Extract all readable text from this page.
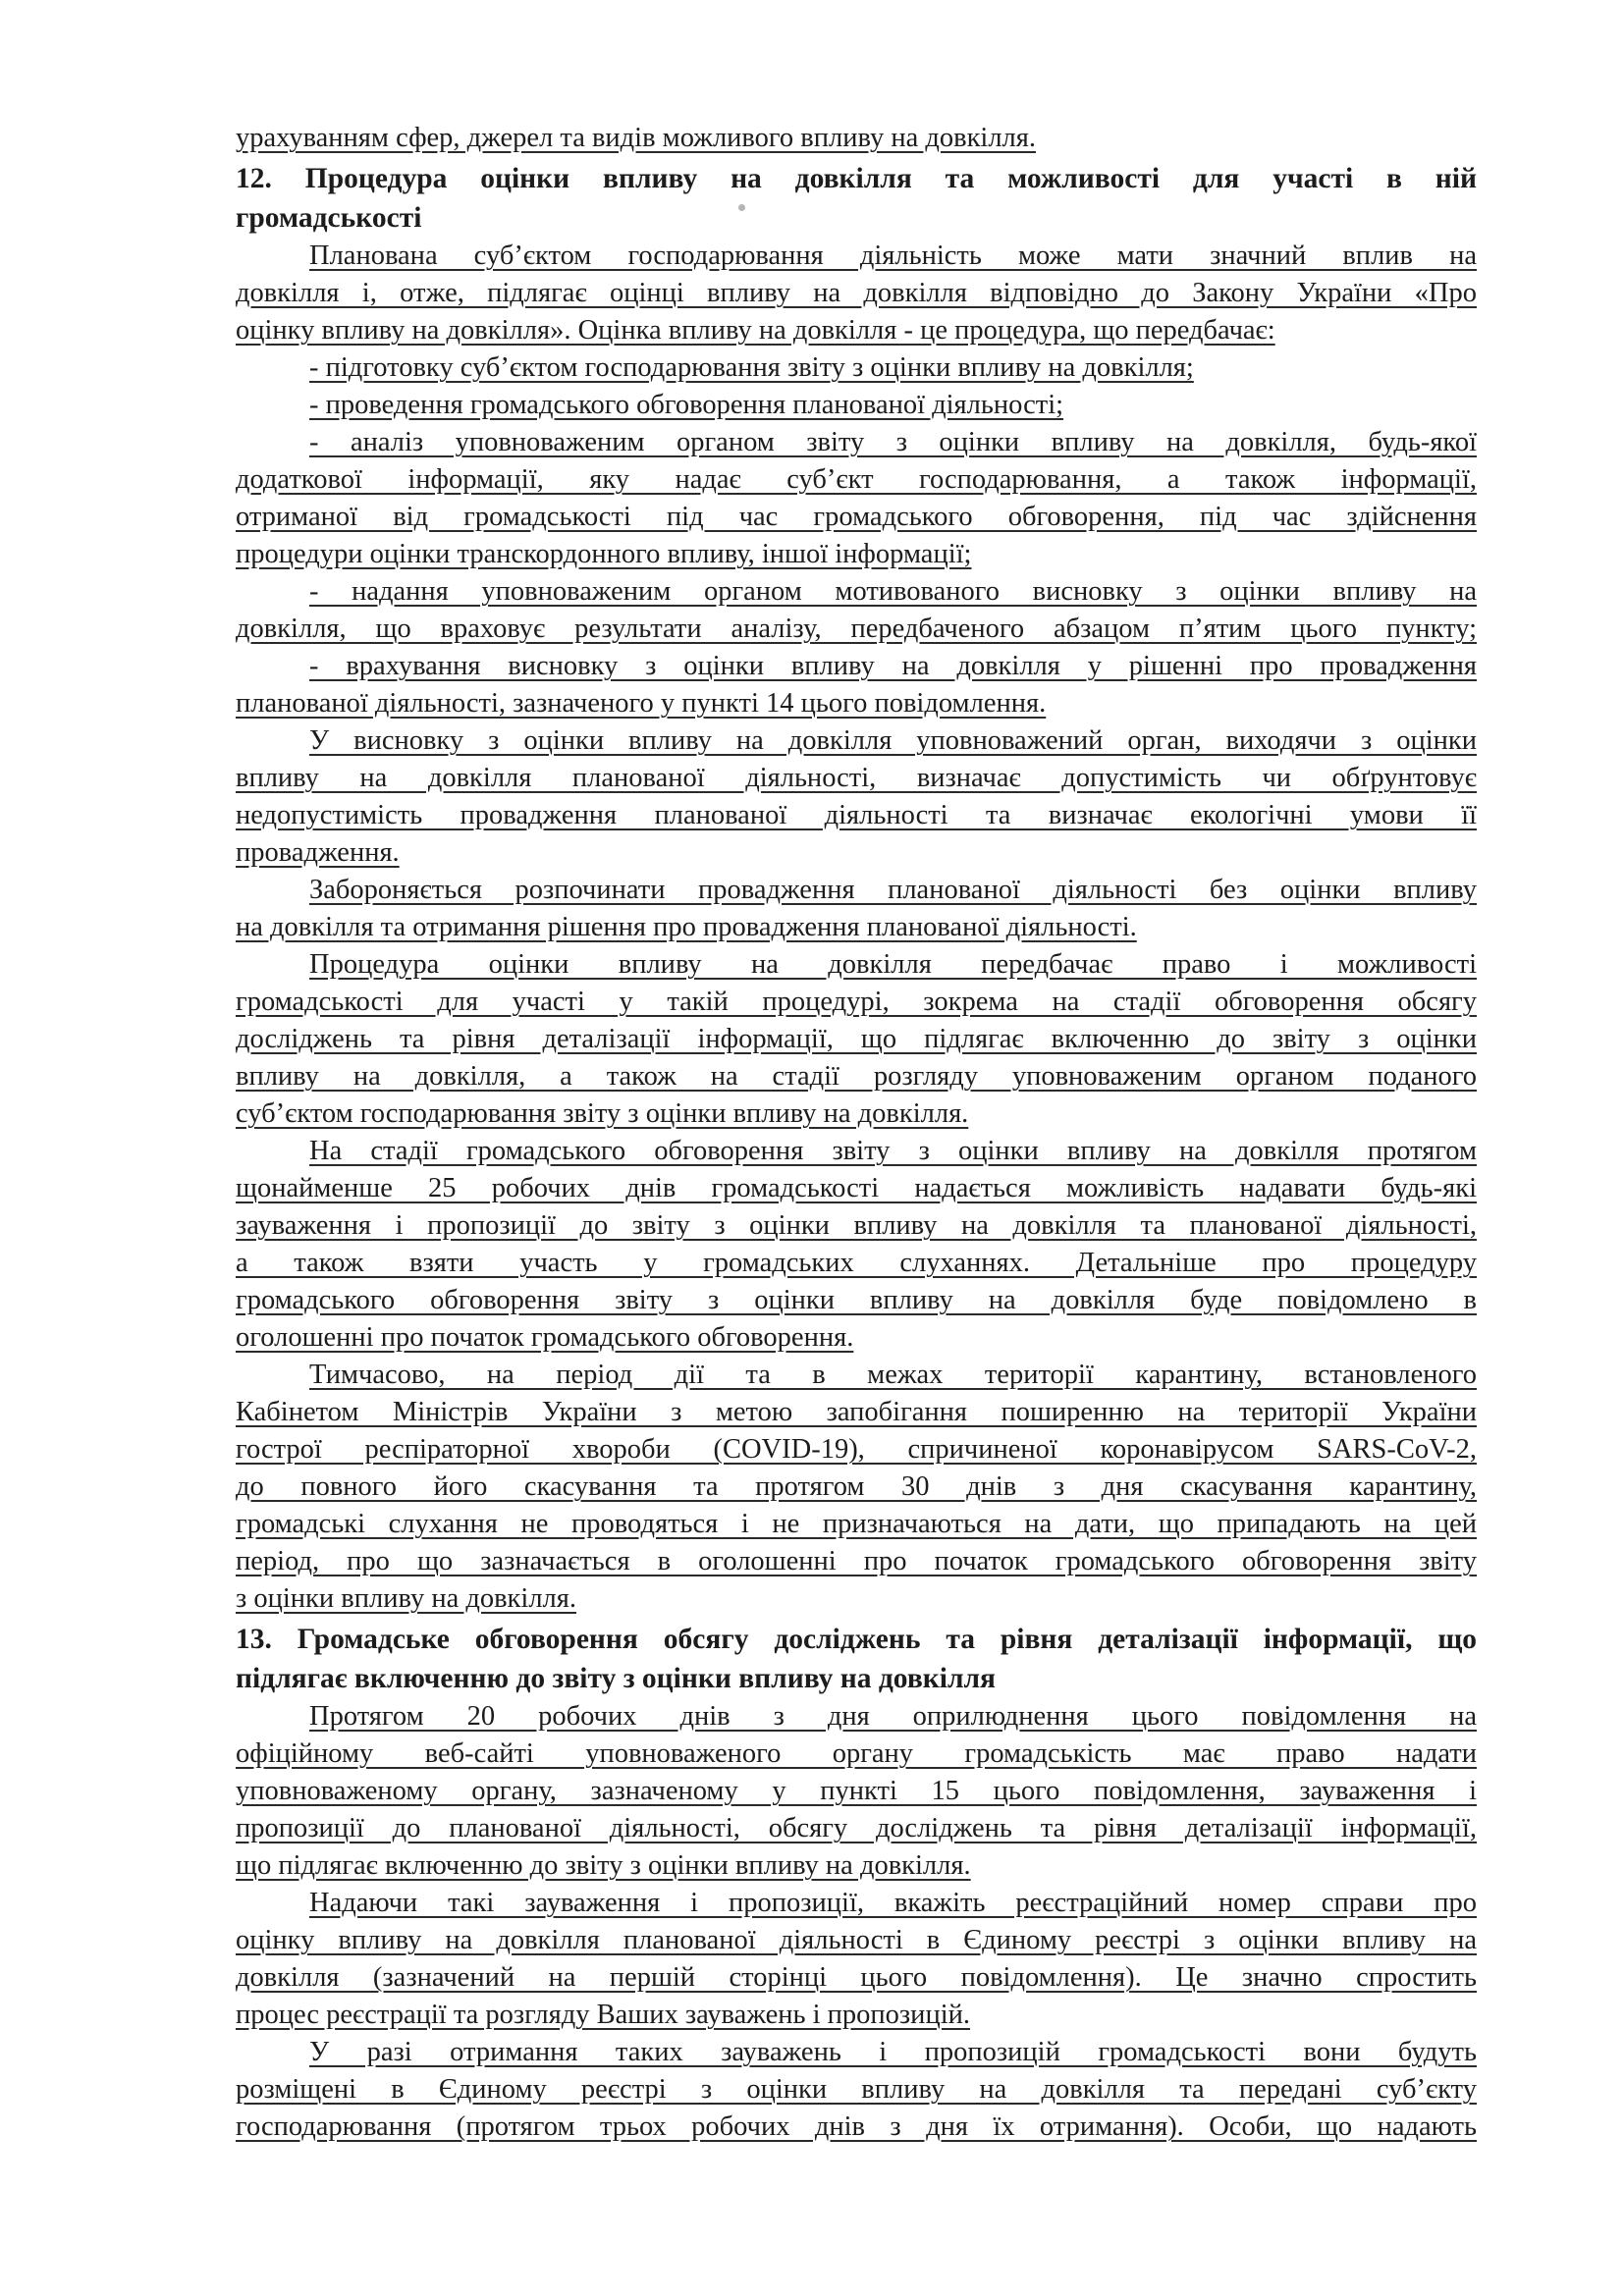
урахуванням сфер, джерел та видів можливого впливу на довкілля.
12. Процедура оцінки впливу на довкілля та можливості для участі в ній
громадськості
Планована суб’єктом господарювання діяльність може мати значний вплив на
довкілля і, отже, підлягає оцінці впливу на довкілля відповідно до Закону України «Про
оцінку впливу на довкілля». Оцінка впливу на довкілля - це процедура, що передбачає:
- підготовку суб’єктом господарювання звіту з оцінки впливу на довкілля;
- проведення громадського обговорення планованої діяльності;
- аналіз уповноваженим органом звіту з оцінки впливу на довкілля, будь-якої
додаткової інформації, яку надає суб’єкт господарювання, а також інформації,
отриманої від громадськості під час громадського обговорення, під час здійснення
процедури оцінки транскордонного впливу, іншої інформації;
- надання уповноваженим органом мотивованого висновку з оцінки впливу на
довкілля, що враховує результати аналізу, передбаченого абзацом п’ятим цього пункту;
- врахування висновку з оцінки впливу на довкілля у рішенні про провадження
планованої діяльності, зазначеного у пункті 14 цього повідомлення.
У висновку з оцінки впливу на довкілля уповноважений орган, виходячи з оцінки
впливу на довкілля планованої діяльності, визначає допустимість чи обґрунтовує
недопустимість провадження планованої діяльності та визначає екологічні умови її
провадження.
Забороняється розпочинати провадження планованої діяльності без оцінки впливу
на довкілля та отримання рішення про провадження планованої діяльності.
Процедура оцінки впливу на довкілля передбачає право і можливості
громадськості для участі у такій процедурі, зокрема на стадії обговорення обсягу
досліджень та рівня деталізації інформації, що підлягає включенню до звіту з оцінки
впливу на довкілля, а також на стадії розгляду уповноваженим органом поданого
суб’єктом господарювання звіту з оцінки впливу на довкілля.
На стадії громадського обговорення звіту з оцінки впливу на довкілля протягом
щонайменше 25 робочих днів громадськості надається можливість надавати будь-які
зауваження і пропозиції до звіту з оцінки впливу на довкілля та планованої діяльності,
а також взяти участь у громадських слуханнях. Детальніше про процедуру
громадського обговорення звіту з оцінки впливу на довкілля буде повідомлено в
оголошенні про початок громадського обговорення.
Тимчасово, на період дії та в межах території карантину, встановленого
Кабінетом Міністрів України з метою запобігання поширенню на території України
гострої респіраторної хвороби (COVID-19), спричиненої коронавірусом SARS-CoV-2,
до повного його скасування та протягом 30 днів з дня скасування карантину,
громадські слухання не проводяться і не призначаються на дати, що припадають на цей
період, про що зазначається в оголошенні про початок громадського обговорення звіту
з оцінки впливу на довкілля.
13. Громадське обговорення обсягу досліджень та рівня деталізації інформації, що
підлягає включенню до звіту з оцінки впливу на довкілля
Протягом 20 робочих днів з дня оприлюднення цього повідомлення на
офіційному веб-сайті уповноваженого органу громадськість має право надати
уповноваженому органу, зазначеному у пункті 15 цього повідомлення, зауваження і
пропозиції до планованої діяльності, обсягу досліджень та рівня деталізації інформації,
що підлягає включенню до звіту з оцінки впливу на довкілля.
Надаючи такі зауваження і пропозиції, вкажіть реєстраційний номер справи про
оцінку впливу на довкілля планованої діяльності в Єдиному реєстрі з оцінки впливу на
довкілля (зазначений на першій сторінці цього повідомлення). Це значно спростить
процес реєстрації та розгляду Ваших зауважень і пропозицій.
У разі отримання таких зауважень і пропозицій громадськості вони будуть
розміщені в Єдиному реєстрі з оцінки впливу на довкілля та передані суб’єкту
господарювання (протягом трьох робочих днів з дня їх отримання). Особи, що надають
